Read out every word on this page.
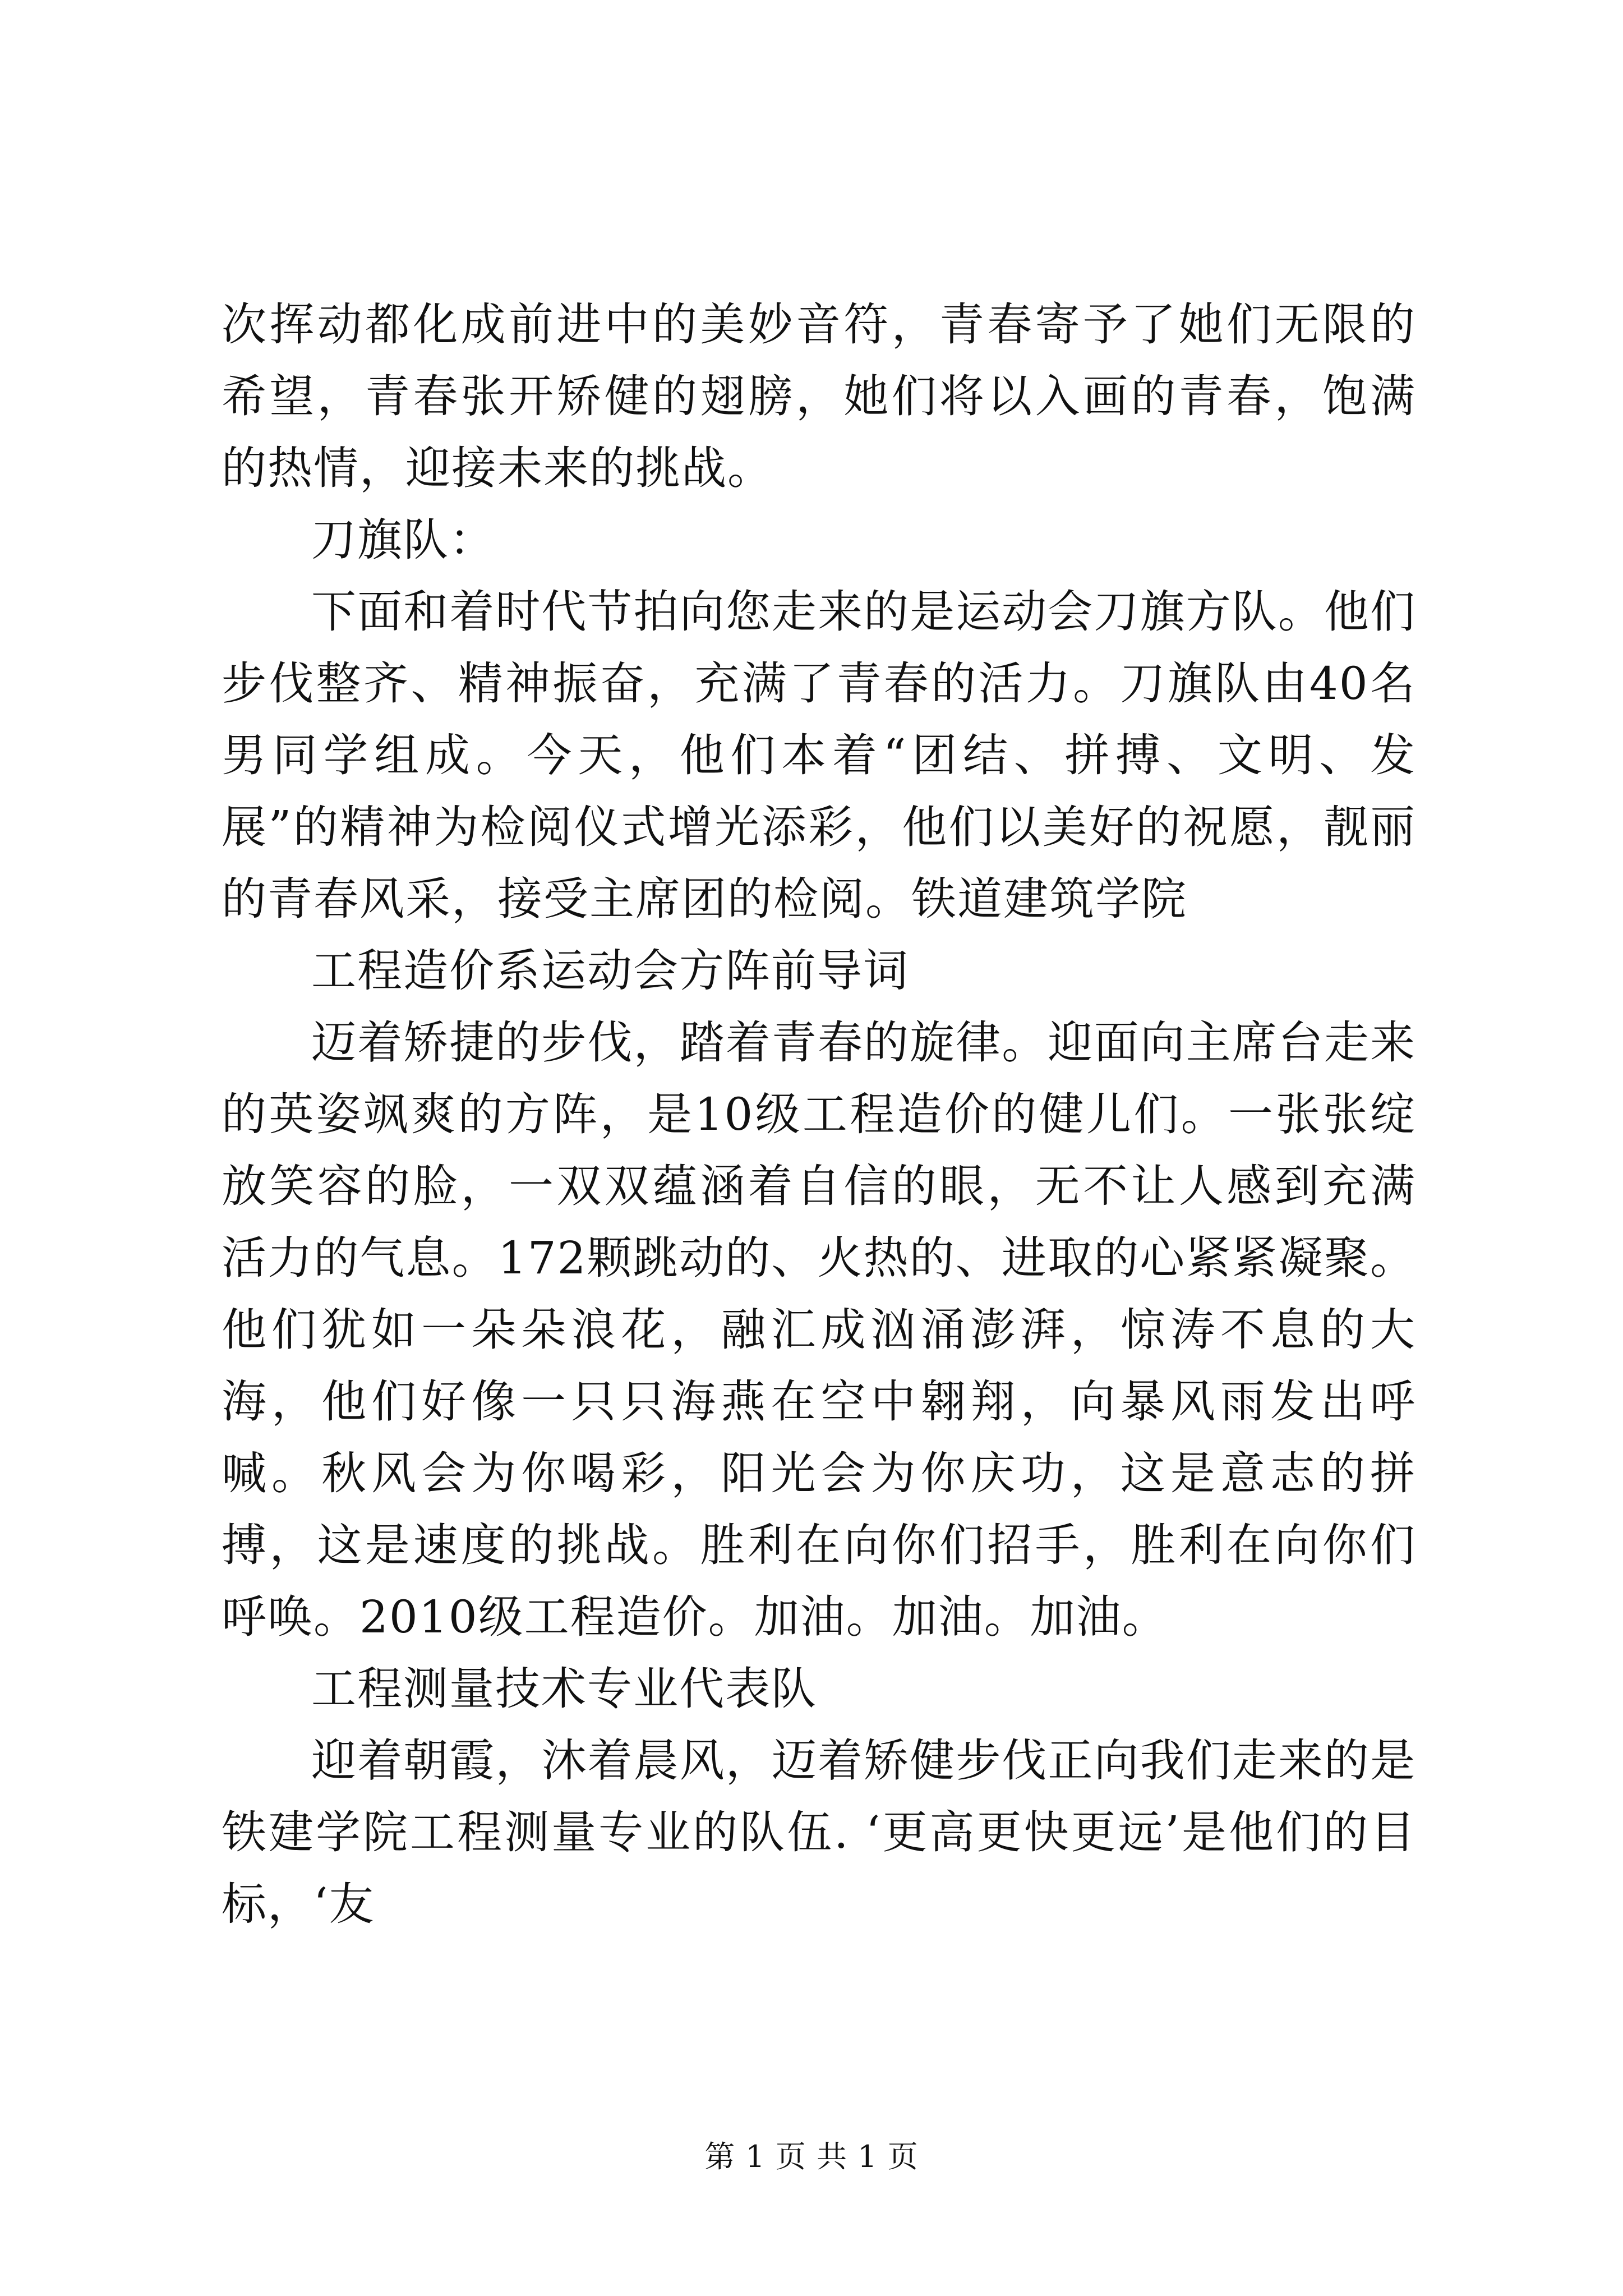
次挥动都化成前进中的美妙音符，青春寄予了她们无限的希望，青春张开矫健的翅膀，她们将以入画的青春，饱满的热情，迎接未来的挑战。

刀旗队：

下面和着时代节拍向您走来的是运动会刀旗方队。他们步伐整齐、精神振奋，充满了青春的活力。刀旗队由40名男同学组成。今天，他们本着“团结、拼搏、文明、发展”的精神为检阅仪式增光添彩，他们以美好的祝愿，靓丽的青春风采，接受主席团的检阅。铁道建筑学院

工程造价系运动会方阵前导词

迈着矫捷的步伐，踏着青春的旋律。迎面向主席台走来的英姿飒爽的方阵，是10级工程造价的健儿们。一张张绽放笑容的脸，一双双蕴涵着自信的眼，无不让人感到充满活力的气息。172颗跳动的、火热的、进取的心紧紧凝聚。他们犹如一朵朵浪花，融汇成汹涌澎湃，惊涛不息的大海，他们好像一只只海燕在空中翱翔，向暴风雨发出呼喊。秋风会为你喝彩，阳光会为你庆功，这是意志的拼搏，这是速度的挑战。胜利在向你们招手，胜利在向你们呼唤。2010级工程造价。加油。加油。加油。

工程测量技术专业代表队

迎着朝霞，沐着晨风，迈着矫健步伐正向我们走来的是铁建学院工程测量专业的队伍. ‘更高更快更远’是他们的目标，‘友

第 1 页 共 1 页
